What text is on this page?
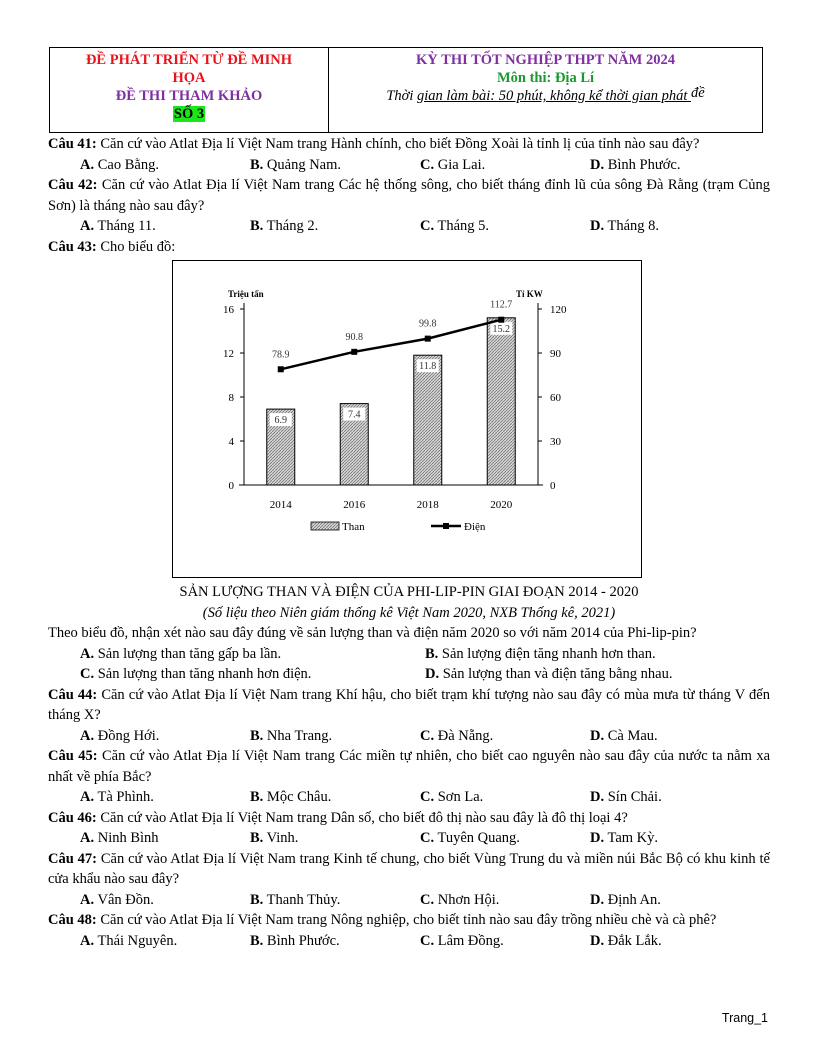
ĐỀ PHÁT TRIỂN TỪ ĐỀ MINH
HỌA
ĐỀ THI THAM KHẢO
SỐ 3
KỲ THI TỐT NGHIỆP THPT NĂM 2024
Môn thi: Địa Lí
Thời gian làm bài: 50 phút, không kể thời gian phát đề

Câu 41: Căn cứ vào Atlat Địa lí Việt Nam trang Hành chính, cho biết Đồng Xoài là tỉnh lị của tỉnh nào sau đây?

A. Cao Bằng.	B. Quảng Nam.	C. Gia Lai.	D. Bình Phước.

Câu 42: Căn cứ vào Atlat Địa lí Việt Nam trang Các hệ thống sông, cho biết tháng đỉnh lũ của sông Đà Rằng (trạm Củng Sơn) là tháng nào sau đây?

A. Tháng 11.	B. Tháng 2.	C. Tháng 5.	D. Tháng 8.

Câu 43: Cho biểu đồ:

Triệu tấn	Tỉ KW
0
4
8
12
16
0
30
60
90
120
6.9	7.4
11.8
15.2
78.9
90.8
99.8
112.7
2014	2016	2018	2020
Than	Điện

SẢN LƯỢNG THAN VÀ ĐIỆN CỦA PHI-LIP-PIN GIAI ĐOẠN 2014 - 2020

(Số liệu theo Niên giám thống kê Việt Nam 2020, NXB Thống kê, 2021)

Theo biểu đồ, nhận xét nào sau đây đúng về sản lượng than và điện năm 2020 so với năm 2014 của Phi-lip-pin?

A. Sản lượng than tăng gấp ba lần.	B. Sản lượng điện tăng nhanh hơn than.
C. Sản lượng than tăng nhanh hơn điện.	D. Sản lượng than và điện tăng bằng nhau.

Câu 44: Căn cứ vào Atlat Địa lí Việt Nam trang Khí hậu, cho biết trạm khí tượng nào sau đây có mùa mưa từ tháng V đến tháng X?

A. Đồng Hới.	B. Nha Trang.	C. Đà Nẵng.	D. Cà Mau.

Câu 45: Căn cứ vào Atlat Địa lí Việt Nam trang Các miền tự nhiên, cho biết cao nguyên nào sau đây của nước ta nằm xa nhất về phía Bắc?

A. Tà Phình.	B. Mộc Châu.	C. Sơn La.	D. Sín Chải.

Câu 46: Căn cứ vào Atlat Địa lí Việt Nam trang Dân số, cho biết đô thị nào sau đây là đô thị loại 4?

A. Ninh Bình	B. Vinh.	C. Tuyên Quang.	D. Tam Kỳ.

Câu 47: Căn cứ vào Atlat Địa lí Việt Nam trang Kinh tế chung, cho biết Vùng Trung du và miền núi Bắc Bộ có khu kinh tế cửa khẩu nào sau đây?

A. Vân Đồn.	B. Thanh Thủy.	C. Nhơn Hội.	D. Định An.

Câu 48: Căn cứ vào Atlat Địa lí Việt Nam trang Nông nghiệp, cho biết tỉnh nào sau đây trồng nhiều chè và cà phê?

A. Thái Nguyên.	B. Bình Phước.	C. Lâm Đồng.	D. Đắk Lắk.
Trang_1
